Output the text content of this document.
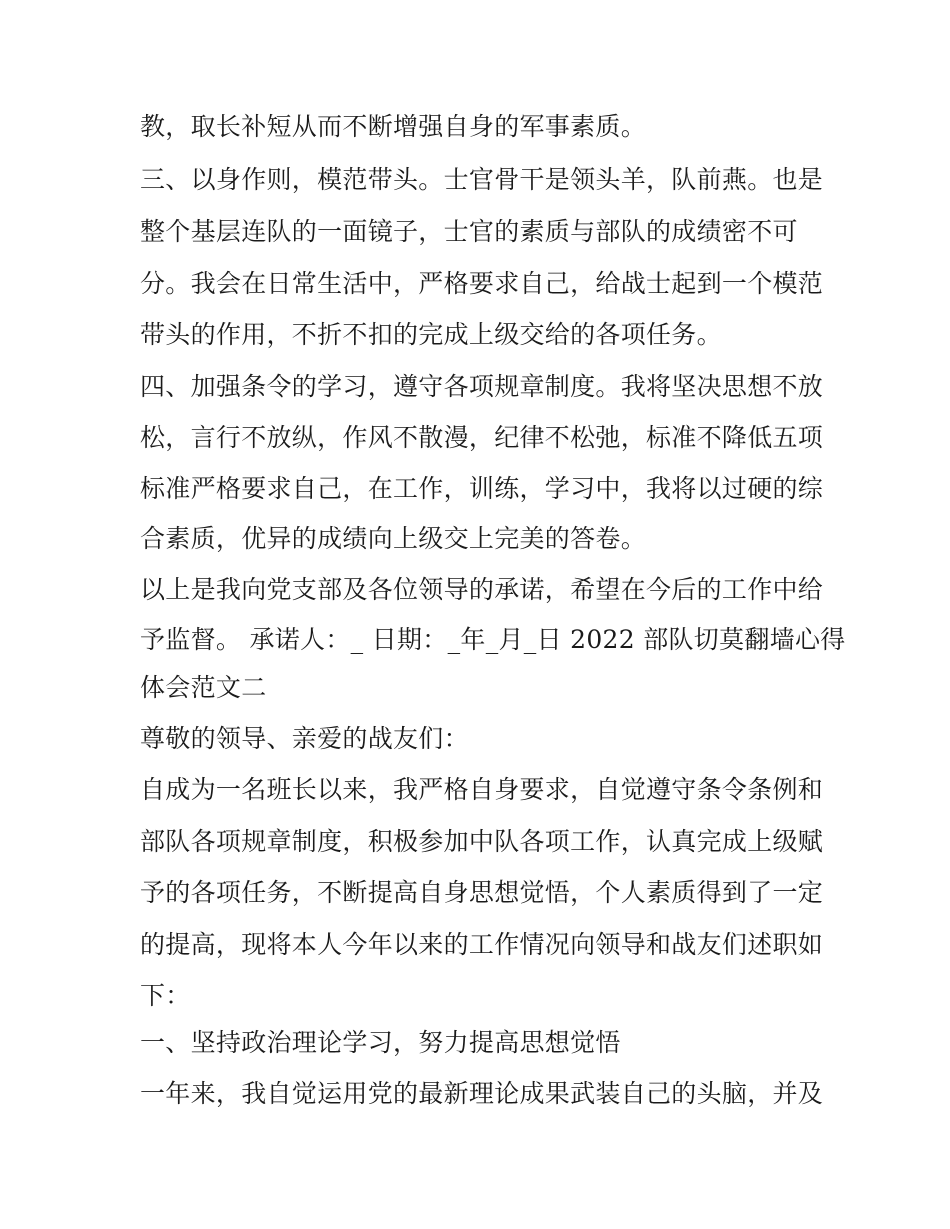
教，取长补短从而不断增强自身的军事素质。
三、以身作则，模范带头。士官骨干是领头羊，队前燕。也是
整个基层连队的一面镜子，士官的素质与部队的成绩密不可
分。我会在日常生活中，严格要求自己，给战士起到一个模范
带头的作用，不折不扣的完成上级交给的各项任务。
四、加强条令的学习，遵守各项规章制度。我将坚决思想不放
松，言行不放纵，作风不散漫，纪律不松弛，标准不降低五项
标准严格要求自己，在工作，训练，学习中，我将以过硬的综
合素质，优异的成绩向上级交上完美的答卷。
以上是我向党支部及各位领导的承诺，希望在今后的工作中给
予监督。 承诺人：_ 日期：_年_月_日 2022 部队切莫翻墙心得
体会范文二
尊敬的领导、亲爱的战友们：
自成为一名班长以来，我严格自身要求，自觉遵守条令条例和
部队各项规章制度，积极参加中队各项工作，认真完成上级赋
予的各项任务，不断提高自身思想觉悟，个人素质得到了一定
的提高，现将本人今年以来的工作情况向领导和战友们述职如
下：
一、坚持政治理论学习，努力提高思想觉悟
一年来，我自觉运用党的最新理论成果武装自己的头脑，并及
